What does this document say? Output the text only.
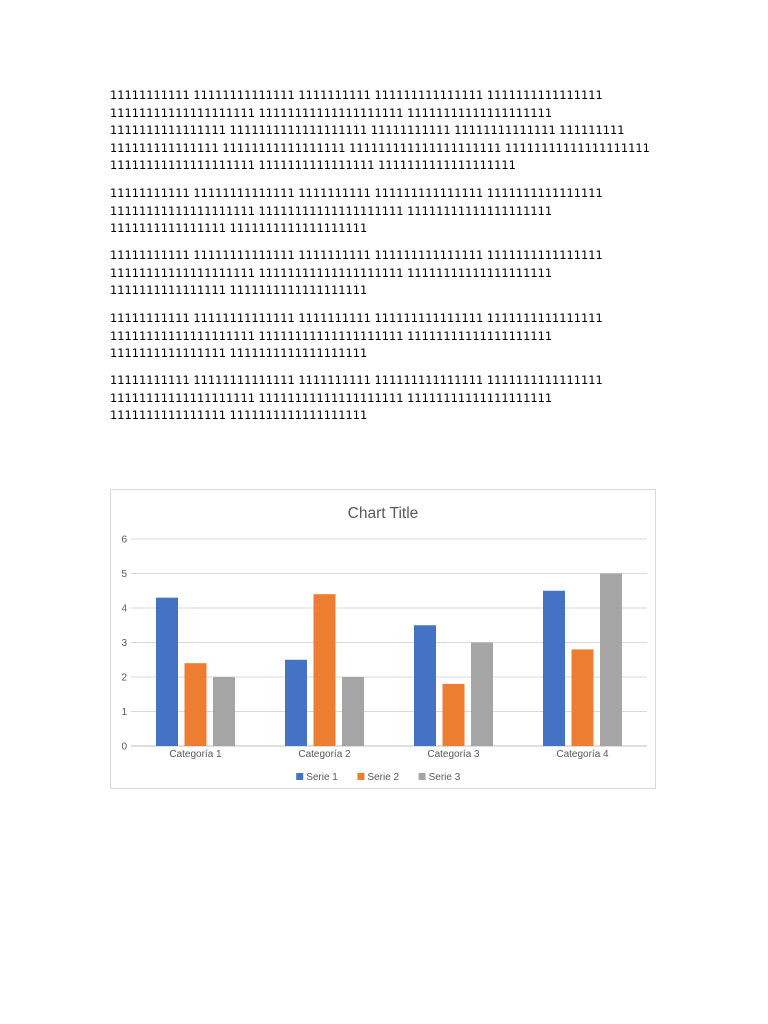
11111111111 11111111111111 1111111111 111111111111111 1111111111111111
11111111111111111111 11111111111111111111 11111111111111111111
1111111111111111 1111111111111111111 11111111111 11111111111111 111111111
111111111111111 11111111111111111 111111111111111111111 11111111111111111111
11111111111111111111 1111111111111111 1111111111111111111

11111111111 11111111111111 1111111111 111111111111111 1111111111111111
11111111111111111111 11111111111111111111 11111111111111111111
1111111111111111 1111111111111111111

11111111111 11111111111111 1111111111 111111111111111 1111111111111111
11111111111111111111 11111111111111111111 11111111111111111111
1111111111111111 1111111111111111111

11111111111 11111111111111 1111111111 111111111111111 1111111111111111
11111111111111111111 11111111111111111111 11111111111111111111
1111111111111111 1111111111111111111

11111111111 11111111111111 1111111111 111111111111111 1111111111111111
11111111111111111111 11111111111111111111 11111111111111111111
1111111111111111 1111111111111111111

Chart Title
0
1
2
3
4
5
6
Categoría 1	Categoría 2	Categoría 3	Categoría 4
Serie 1	Serie 2	Serie 3
